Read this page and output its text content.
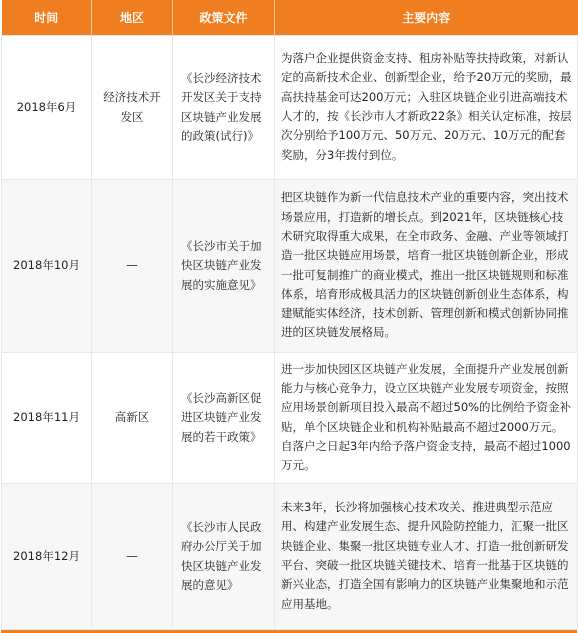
时间	地区	政策文件	主要内容
2018年6月	经济技术开发区	《长沙经济技术开发区关于支持区块链产业发展的政策(试行)》	为落户企业提供资金支持、租房补贴等扶持政策，对新认定的高新技术企业、创新型企业，给予20万元的奖励，最高扶持基金可达200万元；入驻区块链企业引进高端技术人才的，按《长沙市人才新政22条》相关认定标准，按层次分别给予100万元、50万元、20万元、10万元的配套奖励，分3年拨付到位。
2018年10月	—	《长沙市关于加快区块链产业发展的实施意见》	把区块链作为新一代信息技术产业的重要内容，突出技术场景应用，打造新的增长点。到2021年，区块链核心技术研究取得重大成果，在全市政务、金融、产业等领域打造一批区块链应用场景，培育一批区块链创新企业，形成一批可复制推广的商业模式，推出一批区块链规则和标准体系，培育形成极具活力的区块链创新创业生态体系，构建赋能实体经济，技术创新、管理创新和模式创新协同推进的区块链发展格局。
2018年11月	高新区	《长沙高新区促进区块链产业发展的若干政策》	进一步加快园区区块链产业发展，全面提升产业发展创新能力与核心竞争力，设立区块链产业发展专项资金，按照应用场景创新项目投入最高不超过50%的比例给予资金补贴，单个区块链企业和机构补贴最高不超过2000万元。自落户之日起3年内给予落户资金支持，最高不超过1000万元。
2018年12月	—	《长沙市人民政府办公厅关于加快区块链产业发展的意见》	未来3年，长沙将加强核心技术攻关、推进典型示范应用、构建产业发展生态、提升风险防控能力，汇聚一批区块链企业、集聚一批区块链专业人才、打造一批创新研发平台、突破一批区块链关键技术、培育一批基于区块链的新兴业态，打造全国有影响力的区块链产业集聚地和示范应用基地。
